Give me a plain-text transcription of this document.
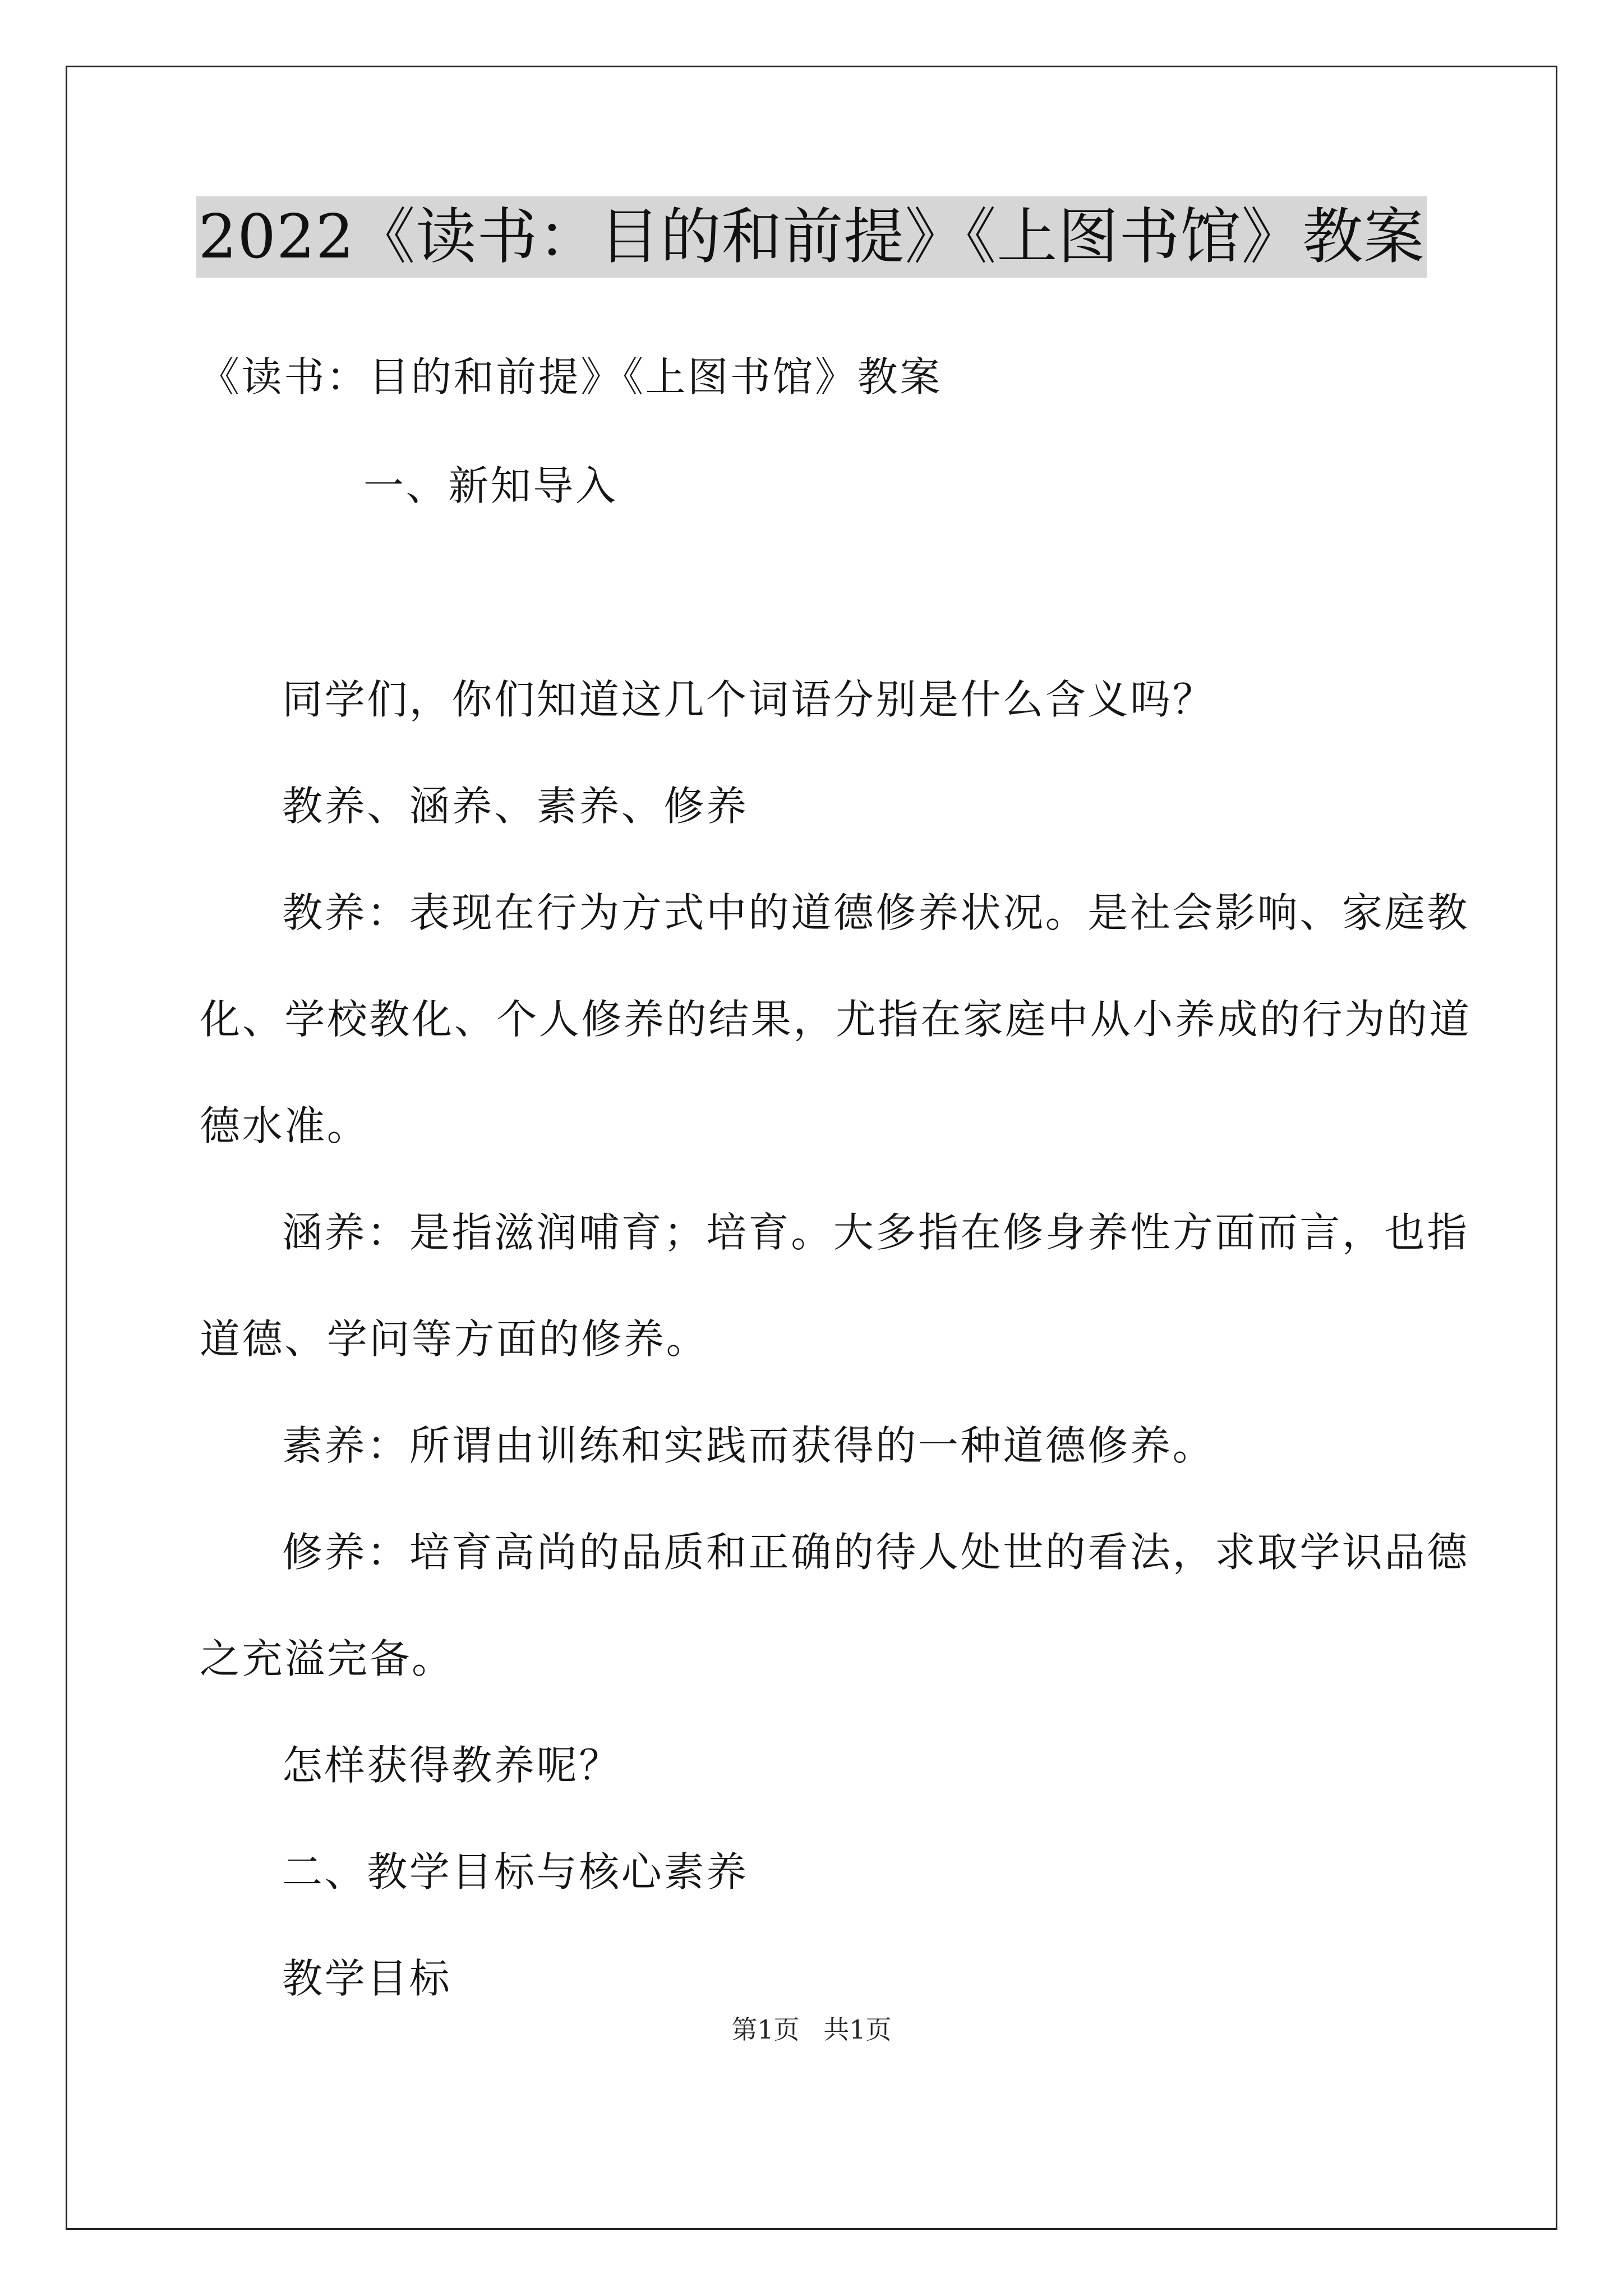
2022《读书：目的和前提》《上图书馆》教案
《读书：目的和前提》《上图书馆》教案
一、新知导入
同学们，你们知道这几个词语分别是什么含义吗？
教养、涵养、素养、修养
教养：表现在行为方式中的道德修养状况。是社会影响、家庭教
化、学校教化、个人修养的结果，尤指在家庭中从小养成的行为的道
德水准。
涵养：是指滋润哺育；培育。大多指在修身养性方面而言，也指
道德、学问等方面的修养。
素养：所谓由训练和实践而获得的一种道德修养。
修养：培育高尚的品质和正确的待人处世的看法，求取学识品德
之充溢完备。
怎样获得教养呢？
二、教学目标与核心素养
教学目标
第1页 共1页
